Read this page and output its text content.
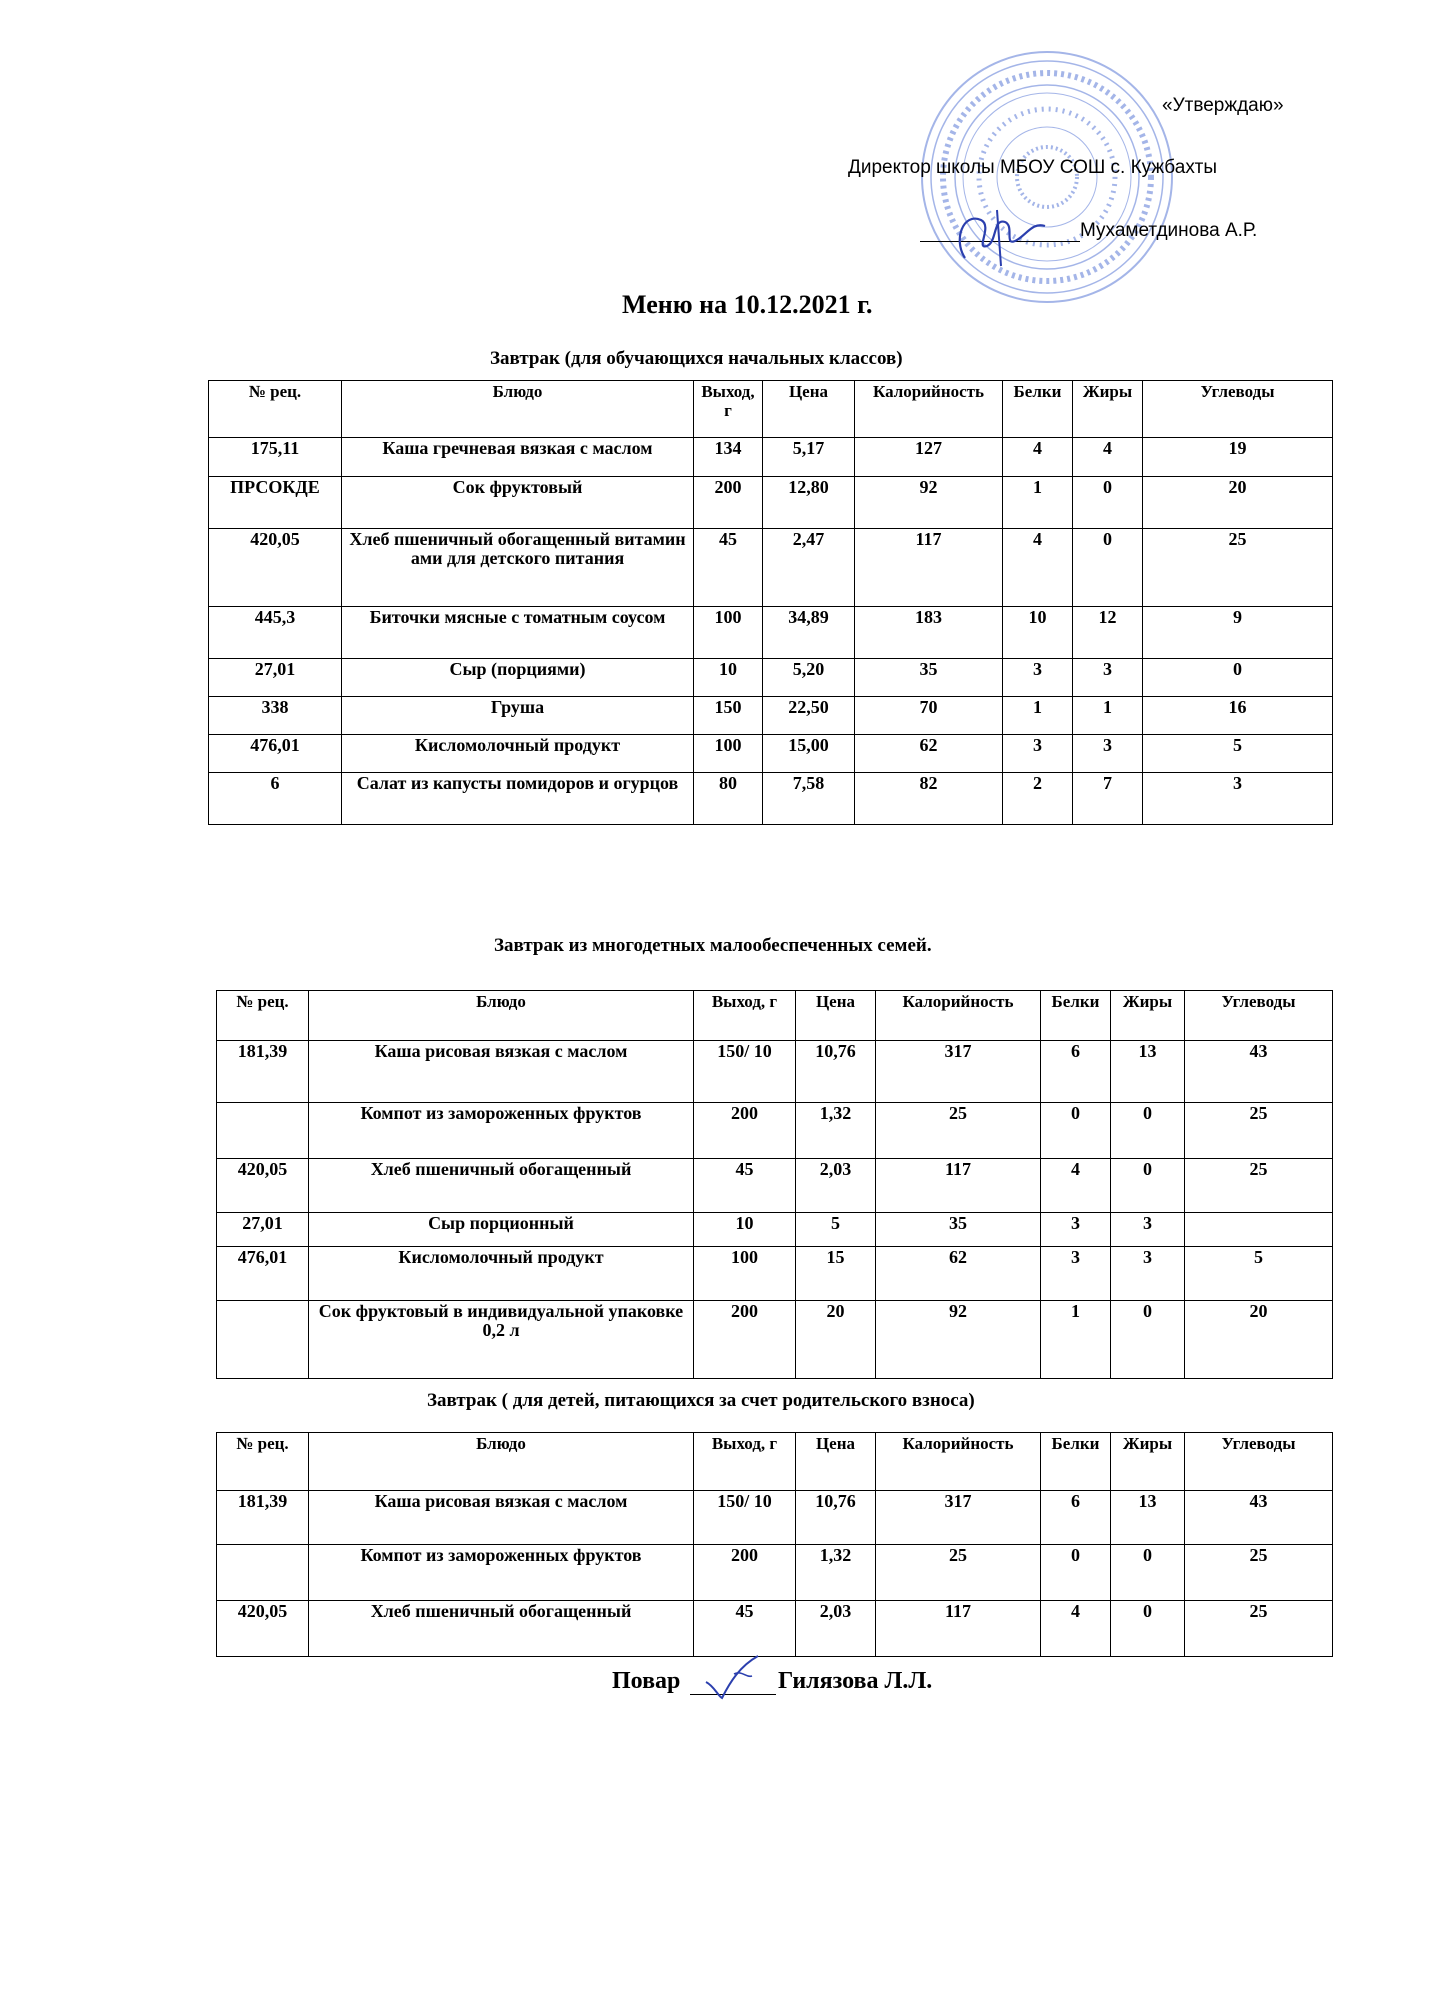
«Утверждаю»
Директор школы МБОУ СОШ с. Кужбахты
Мухаметдинова А.Р.
Меню на 10.12.2021 г.
Завтрак (для обучающихся начальных классов)
№ рец.	Блюдо	Выход, г	Цена	Калорийность	Белки	Жиры	Углеводы
175,11	Каша гречневая вязкая с маслом	134	5,17	127	4	4	19
ПРСОКДЕ	Сок фруктовый	200	12,80	92	1	0	20
420,05	Хлеб пшеничный обогащенный витаминами для детского питания	45	2,47	117	4	0	25
445,3	Биточки мясные с томатным соусом	100	34,89	183	10	12	9
27,01	Сыр (порциями)	10	5,20	35	3	3	0
338	Груша	150	22,50	70	1	1	16
476,01	Кисломолочный продукт	100	15,00	62	3	3	5
6	Салат из капусты помидоров и огурцов	80	7,58	82	2	7	3
Завтрак из многодетных малообеспеченных семей.
№ рец.	Блюдо	Выход, г	Цена	Калорийность	Белки	Жиры	Углеводы
181,39	Каша рисовая вязкая с маслом	150/ 10	10,76	317	6	13	43
	Компот из замороженных фруктов	200	1,32	25	0	0	25
420,05	Хлеб пшеничный обогащенный	45	2,03	117	4	0	25
27,01	Сыр порционный	10	5	35	3	3	
476,01	Кисломолочный продукт	100	15	62	3	3	5
	Сок фруктовый в индивидуальной упаковке 0,2 л	200	20	92	1	0	20
Завтрак ( для детей, питающихся за счет родительского взноса)
№ рец.	Блюдо	Выход, г	Цена	Калорийность	Белки	Жиры	Углеводы
181,39	Каша рисовая вязкая с маслом	150/ 10	10,76	317	6	13	43
	Компот из замороженных фруктов	200	1,32	25	0	0	25
420,05	Хлеб пшеничный обогащенный	45	2,03	117	4	0	25
Повар	Гилязова Л.Л.
